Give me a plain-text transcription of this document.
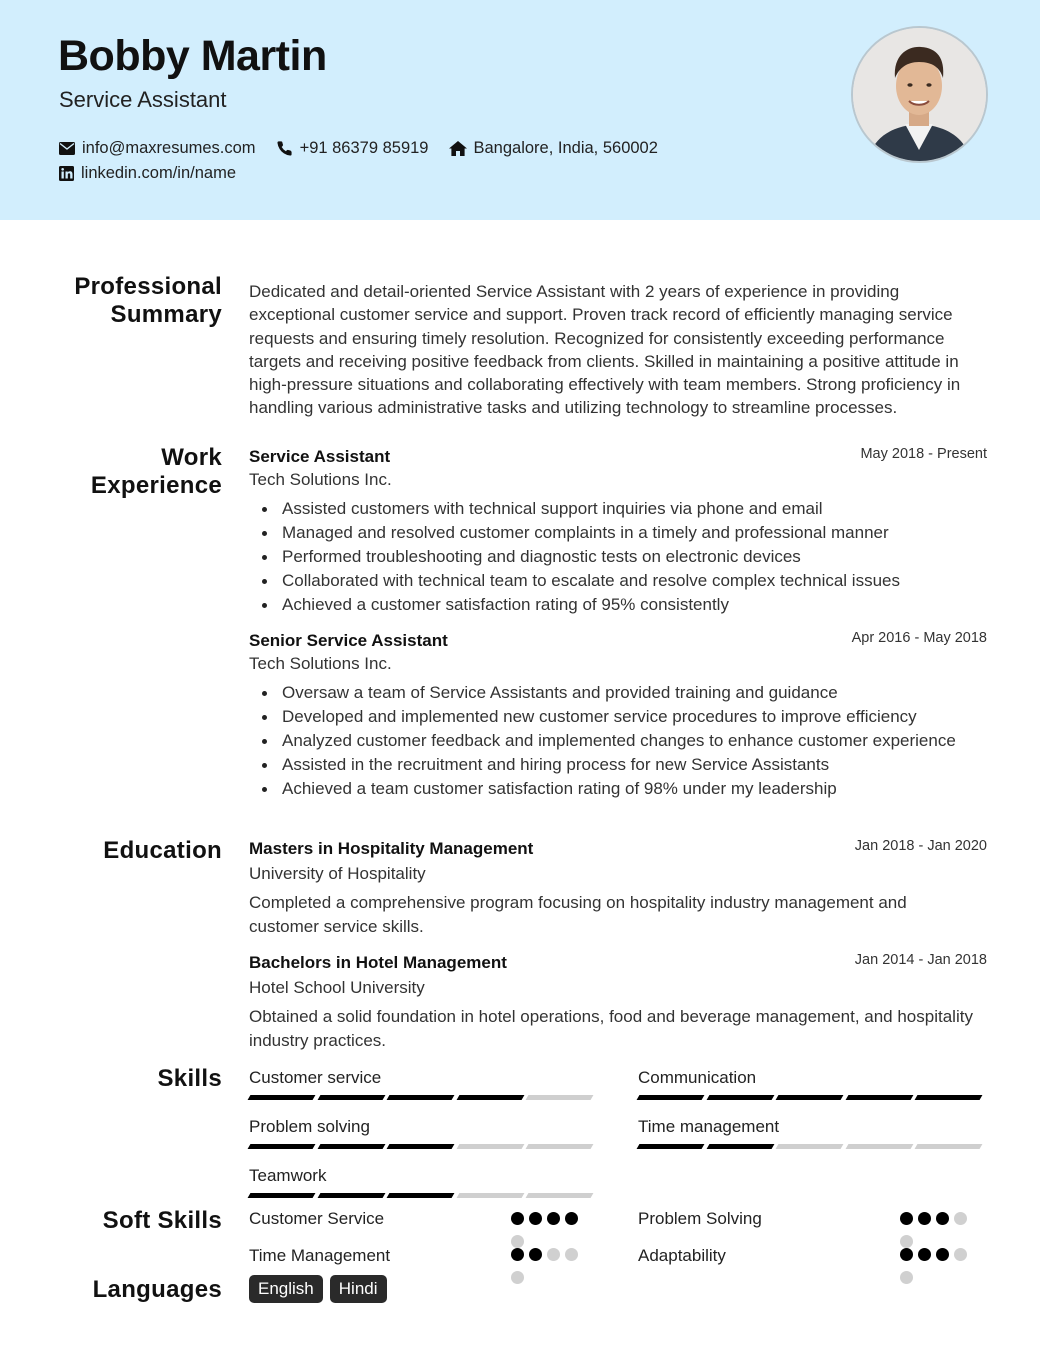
Bobby Martin
Service Assistant
info@maxresumes.com	+91 86379 85919	Bangalore, India, 560002
linkedin.com/in/name
Professional
Summary
Work
Experience
Education
Skills
Soft Skills
Languages
Dedicated and detail-oriented Service Assistant with 2 years of experience in providing exceptional customer service and support. Proven track record of efficiently managing service requests and ensuring timely resolution. Recognized for consistently exceeding performance targets and receiving positive feedback from clients. Skilled in maintaining a positive attitude in high-pressure situations and collaborating effectively with team members. Strong proficiency in handling various administrative tasks and utilizing technology to streamline processes.
Service Assistant	May 2018 - Present
Tech Solutions Inc.
Assisted customers with technical support inquiries via phone and email
Managed and resolved customer complaints in a timely and professional manner
Performed troubleshooting and diagnostic tests on electronic devices
Collaborated with technical team to escalate and resolve complex technical issues
Achieved a customer satisfaction rating of 95% consistently
Senior Service Assistant	Apr 2016 - May 2018
Tech Solutions Inc.
Oversaw a team of Service Assistants and provided training and guidance
Developed and implemented new customer service procedures to improve efficiency
Analyzed customer feedback and implemented changes to enhance customer experience
Assisted in the recruitment and hiring process for new Service Assistants
Achieved a team customer satisfaction rating of 98% under my leadership
Masters in Hospitality Management	Jan 2018 - Jan 2020
University of Hospitality
Completed a comprehensive program focusing on hospitality industry management and customer service skills.
Bachelors in Hotel Management	Jan 2014 - Jan 2018
Hotel School University
Obtained a solid foundation in hotel operations, food and beverage management, and hospitality industry practices.
Customer service	Communication
Problem solving	Time management
Teamwork
Customer Service	Problem Solving
Time Management	Adaptability
English	Hindi
